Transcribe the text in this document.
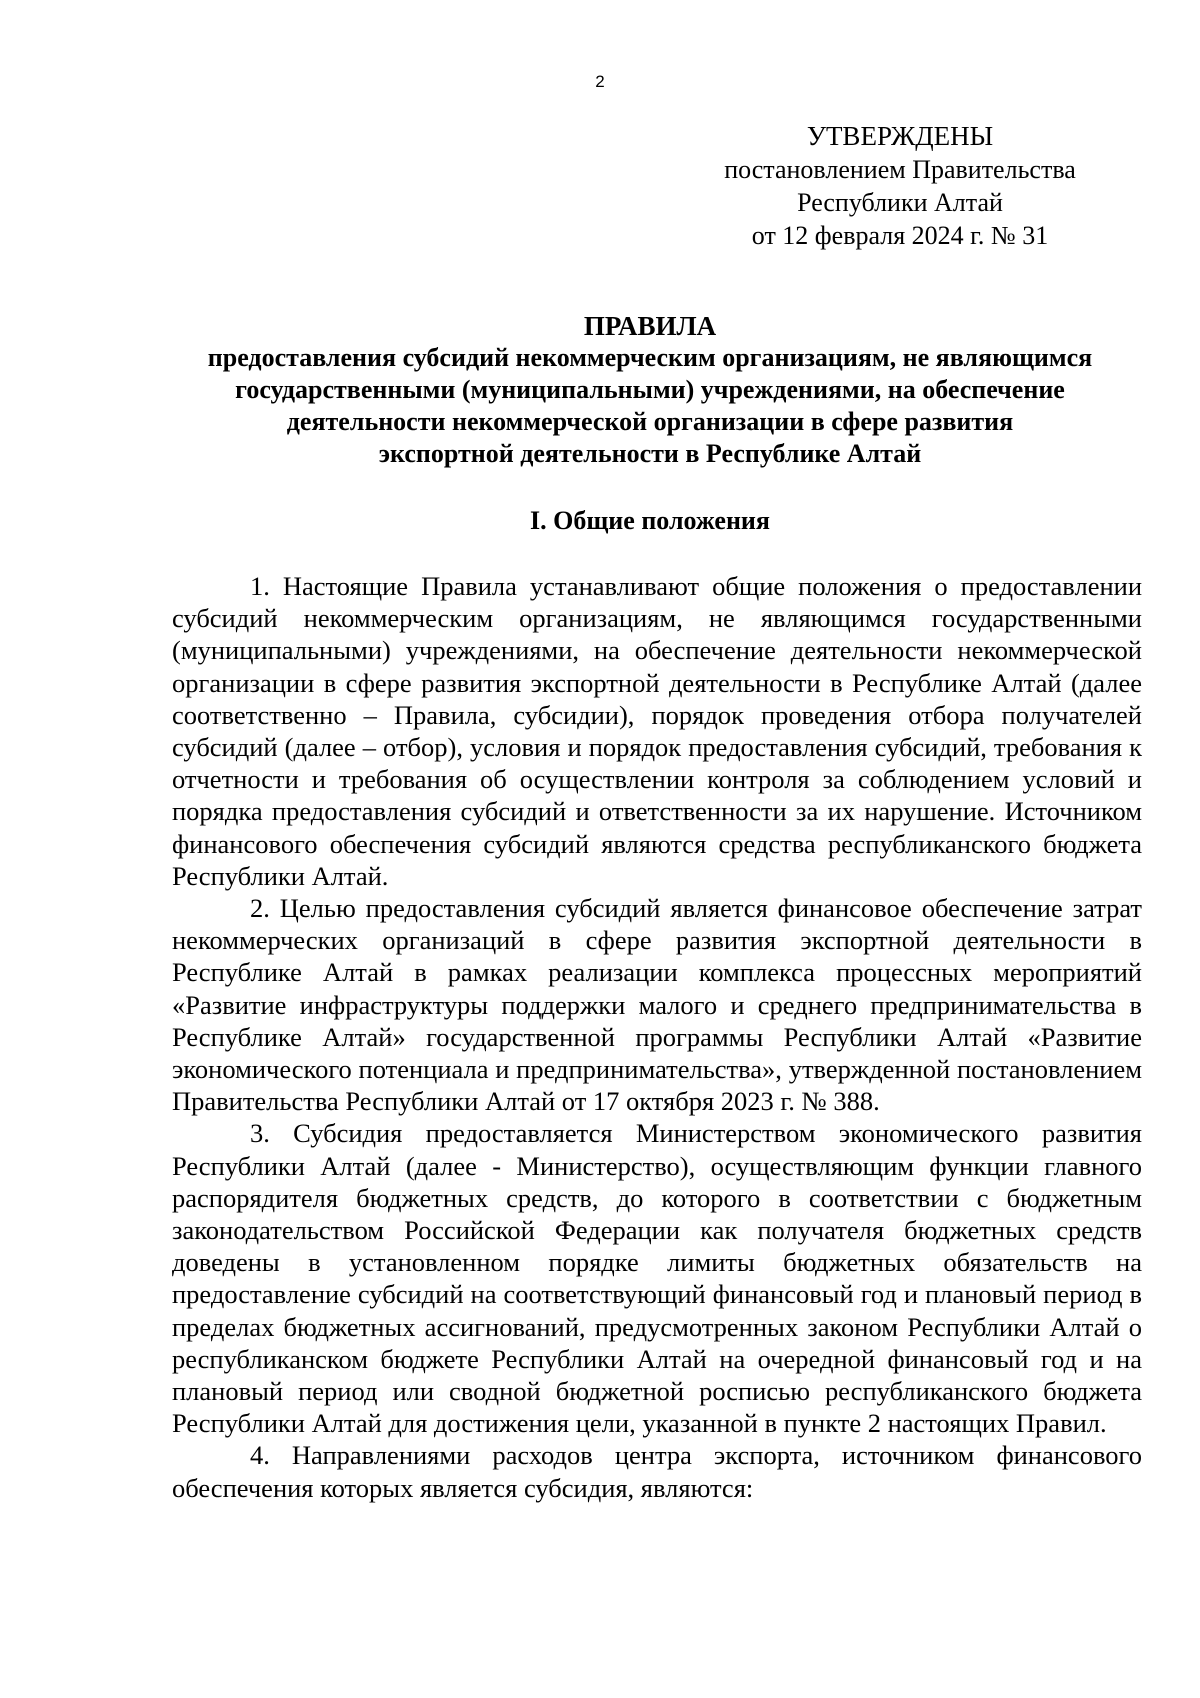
2
УТВЕРЖДЕНЫ
постановлением Правительства
Республики Алтай
от 12 февраля 2024 г. № 31
ПРАВИЛА
предоставления субсидий некоммерческим организациям, не являющимся
государственными (муниципальными) учреждениями, на обеспечение
деятельности некоммерческой организации в сфере развития
экспортной деятельности в Республике Алтай
I. Общие положения

1. Настоящие Правила устанавливают общие положения о предоставлении субсидий некоммерческим организациям, не являющимся государственными (муниципальными) учреждениями, на обеспечение деятельности некоммерческой организации в сфере развития экспортной деятельности в Республике Алтай (далее соответственно – Правила, субсидии), порядок проведения отбора получателей субсидий (далее – отбор), условия и порядок предоставления субсидий, требования к отчетности и требования об осуществлении контроля за соблюдением условий и порядка предоставления субсидий и ответственности за их нарушение. Источником финансового обеспечения субсидий являются средства республиканского бюджета Республики Алтай.

2. Целью предоставления субсидий является финансовое обеспечение затрат некоммерческих организаций в сфере развития экспортной деятельности в Республике Алтай в рамках реализации комплекса процессных мероприятий «Развитие инфраструктуры поддержки малого и среднего предпринимательства в Республике Алтай» государственной программы Республики Алтай «Развитие экономического потенциала и предпринимательства», утвержденной постановлением Правительства Республики Алтай от 17 октября 2023 г. № 388.

3. Субсидия предоставляется Министерством экономического развития Республики Алтай (далее - Министерство), осуществляющим функции главного распорядителя бюджетных средств, до которого в соответствии с бюджетным законодательством Российской Федерации как получателя бюджетных средств доведены в установленном порядке лимиты бюджетных обязательств на предоставление субсидий на соответствующий финансовый год и плановый период в пределах бюджетных ассигнований, предусмотренных законом Республики Алтай о республиканском бюджете Республики Алтай на очередной финансовый год и на плановый период или сводной бюджетной росписью республиканского бюджета Республики Алтай для достижения цели, указанной в пункте 2 настоящих Правил.

4. Направлениями расходов центра экспорта, источником финансового обеспечения которых является субсидия, являются:
